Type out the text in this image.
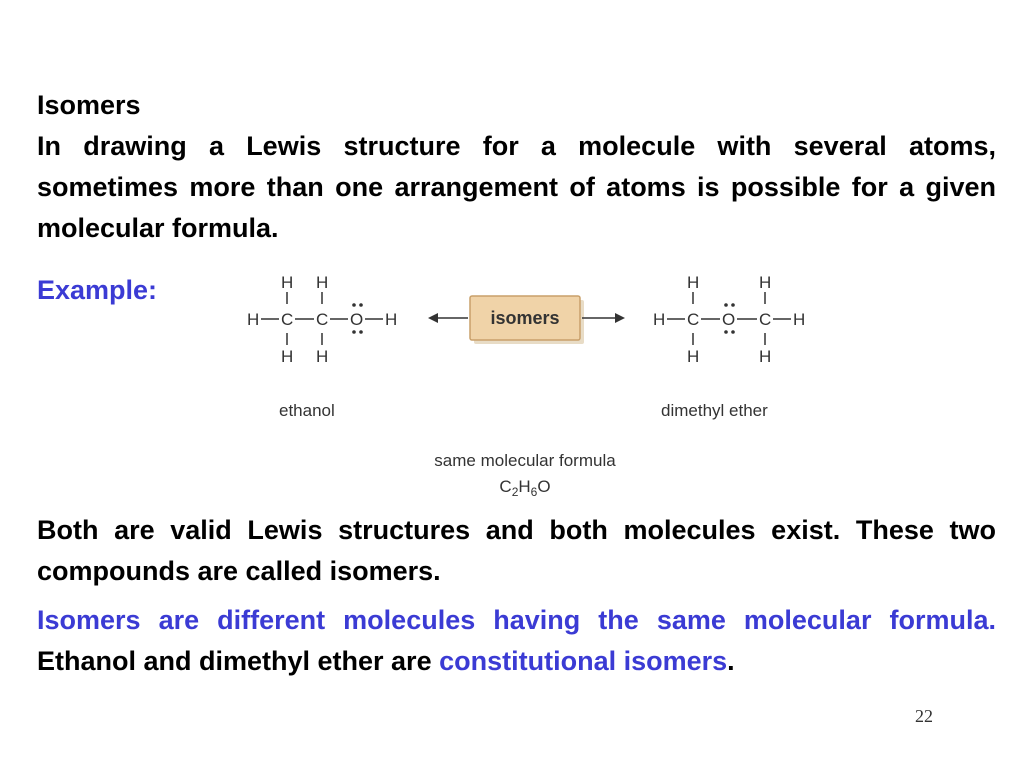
Isomers
In drawing a Lewis structure for a molecule with several atoms, sometimes more than one arrangement of atoms is possible for a given molecular formula.
Example:	H H
H C C O H
H H
isomers
H	H
H C O C H
H	H
ethanol	dimethyl ether
same molecular formula
$C_2H_6O$
Both are valid Lewis structures and both molecules exist. These two compounds are called isomers.
Isomers are different molecules having the same molecular formula. Ethanol and dimethyl ether are constitutional isomers.
22
